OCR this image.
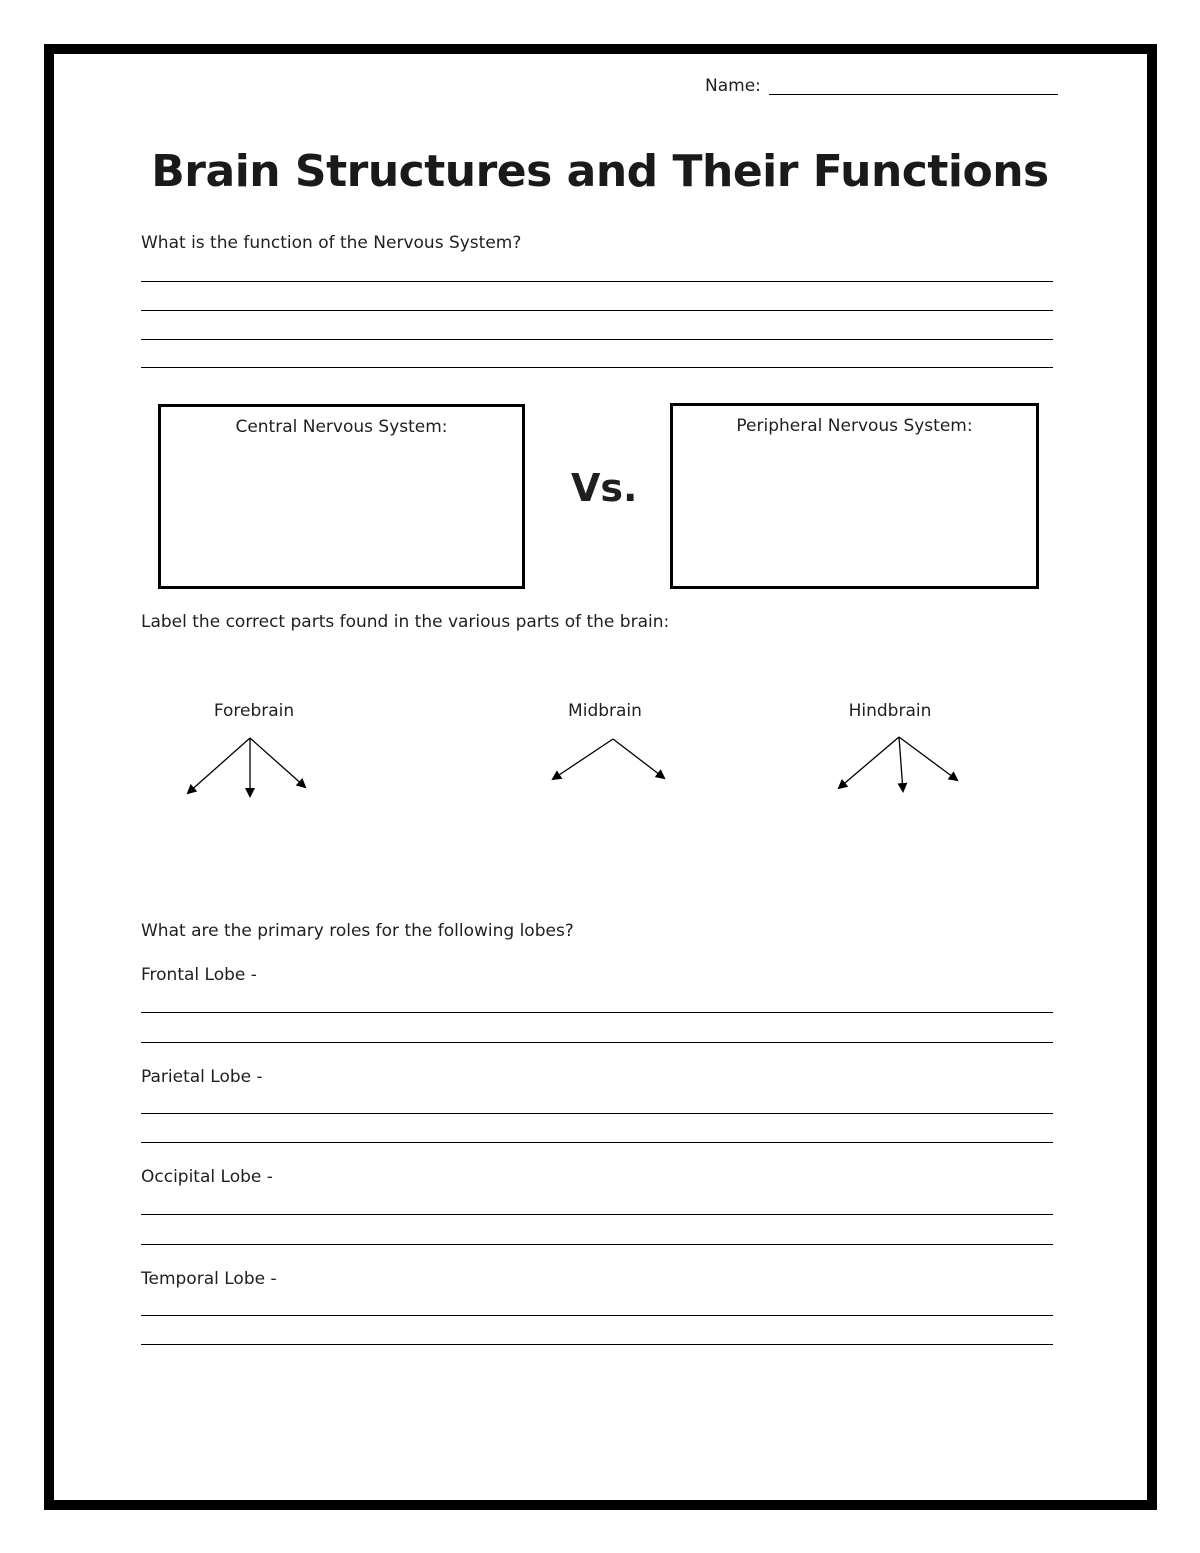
Name:
Brain Structures and Their Functions
What is the function of the Nervous System?
Central Nervous System:
Vs.
Peripheral Nervous System:
Label the correct parts found in the various parts of the brain:
Forebrain	Midbrain	Hindbrain
What are the primary roles for the following lobes?
Frontal Lobe -
Parietal Lobe -
Occipital Lobe -
Temporal Lobe -
